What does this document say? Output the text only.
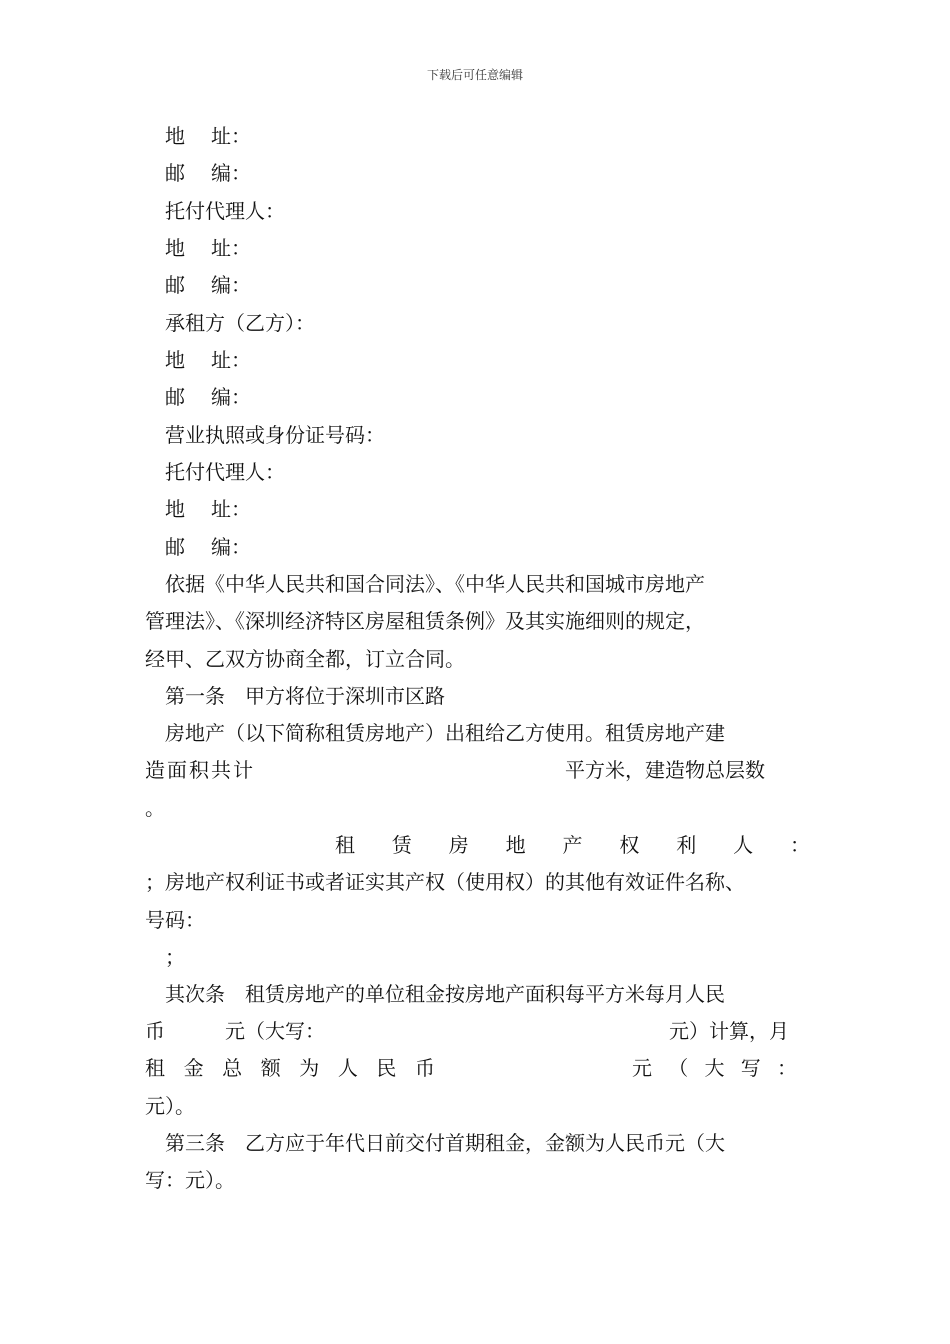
下载后可任意编辑
地 址：
邮 编：
托付代理人：
地 址：
邮 编：
承租方（乙方）：
地 址：
邮 编：
营业执照或身份证号码：
托付代理人：
地 址：
邮 编：
依据《中华人民共和国合同法》、《中华人民共和国城市房地产
管理法》、《深圳经济特区房屋租赁条例》及其实施细则的规定，
经甲、乙双方协商全都，订立合同。
第一条　甲方将位于深圳市区路
房地产（以下简称租赁房地产）出租给乙方使用。租赁房地产建
造面积共计	平方米，建造物总层数
。
租 赁 房 地 产 权 利 人 ：
；房地产权利证书或者证实其产权（使用权）的其他有效证件名称、
号码：
；
其次条　租赁房地产的单位租金按房地产面积每平方米每月人民
币	元（大写：	元）计算，月
租 金 总 额 为 人 民 币	元 （ 大 写 ：
元）。
第三条　乙方应于年代日前交付首期租金，金额为人民币元（大
写：元）。
